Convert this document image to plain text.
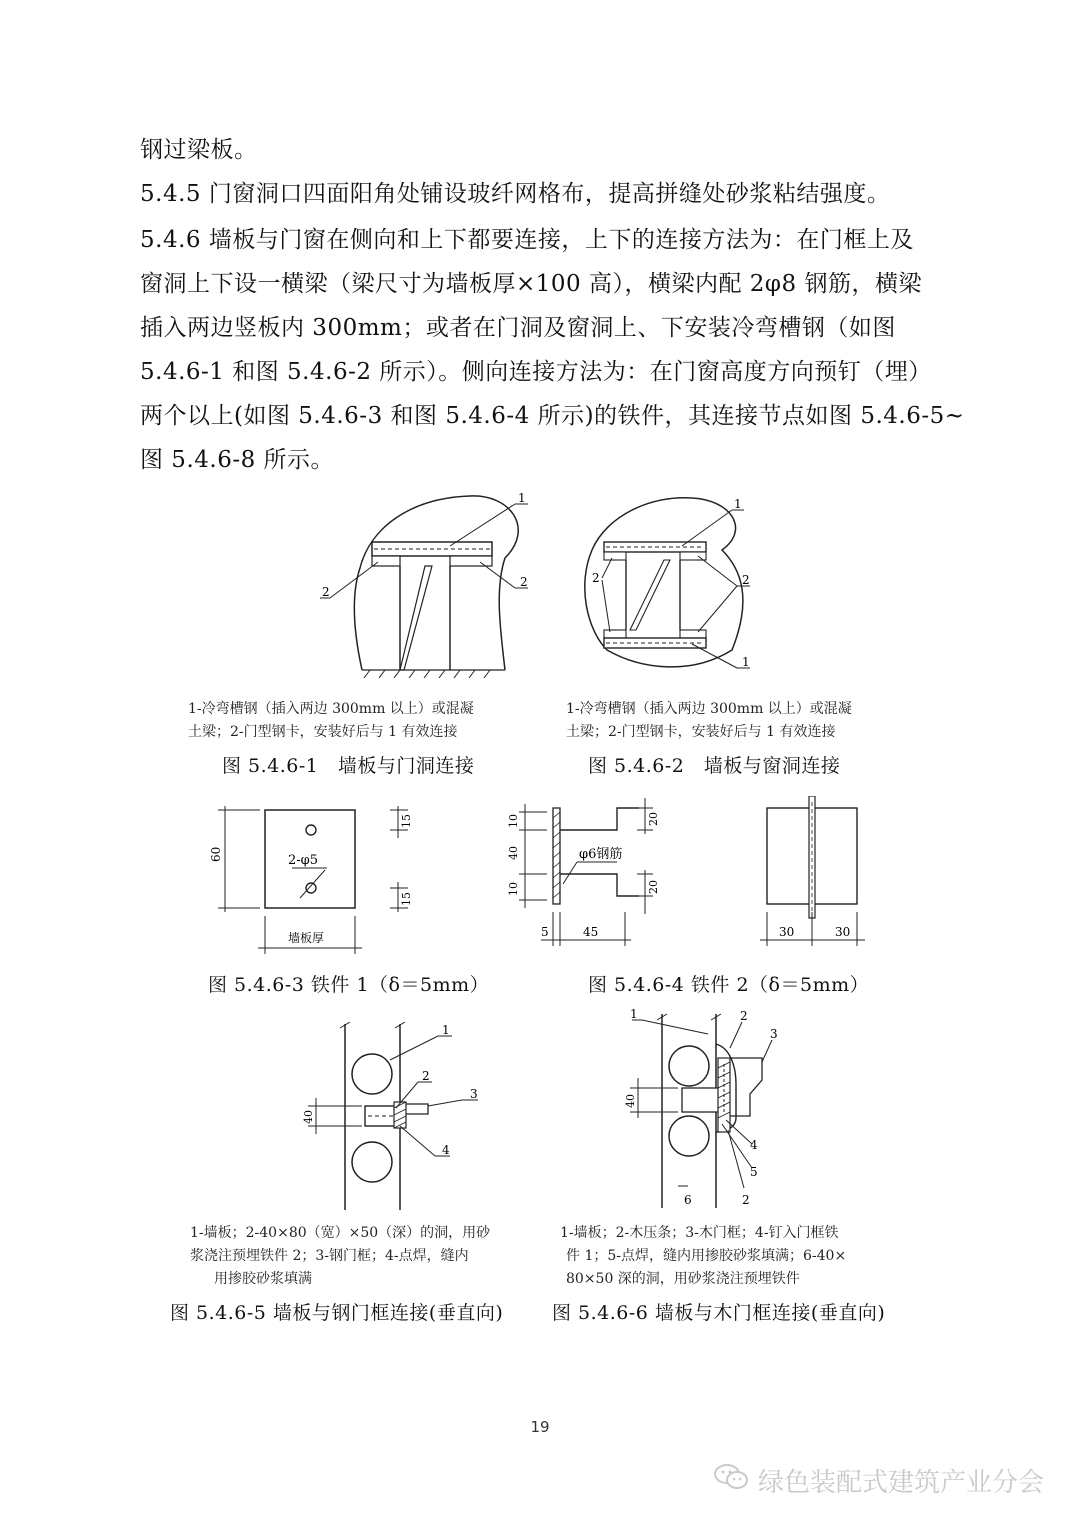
钢过梁板。
5.4.5 门窗洞口四面阳角处铺设玻纤网格布，提高拼缝处砂浆粘结强度。
5.4.6 墙板与门窗在侧向和上下都要连接，上下的连接方法为：在门框上及
窗洞上下设一横梁（梁尺寸为墙板厚×100 高），横梁内配 2φ8 钢筋，横梁
插入两边竖板内 300mm；或者在门洞及窗洞上、下安装冷弯槽钢（如图
5.4.6-1 和图 5.4.6-2 所示）。侧向连接方法为：在门窗高度方向预钉（埋）
两个以上(如图 5.4.6-3 和图 5.4.6-4 所示)的铁件，其连接节点如图 5.4.6-5~
图 5.4.6-8 所示。
1
2
2
1-冷弯槽钢（插入两边 300mm 以上）或混凝
土梁；2-门型钢卡，安装好后与 1 有效连接
图 5.4.6-1　墙板与门洞连接
1
2	2
1
1-冷弯槽钢（插入两边 300mm 以上）或混凝
土梁；2-门型钢卡，安装好后与 1 有效连接
图 5.4.6-2　墙板与窗洞连接
2-φ5
60
15
15
墙板厚
图 5.4.6-3 铁件 1（δ＝5mm）
10
40
10
φ6钢筋
20
20
5	45	30	30
图 5.4.6-4 铁件 2（δ＝5mm）
1
2
3
4
40
1-墙板；2-40×80（宽）×50（深）的洞，用砂
浆浇注预埋铁件 2；3-钢门框；4-点焊，缝内
用掺胶砂浆填满
图 5.4.6-5 墙板与钢门框连接(垂直向)
1	2
3
4
5
2
6
40
1-墙板；2-木压条；3-木门框；4-钉入门框铁
件 1；5-点焊，缝内用掺胶砂浆填满；6-40×
80×50 深的洞，用砂浆浇注预埋铁件
图 5.4.6-6 墙板与木门框连接(垂直向)
19
绿色装配式建筑产业分会
